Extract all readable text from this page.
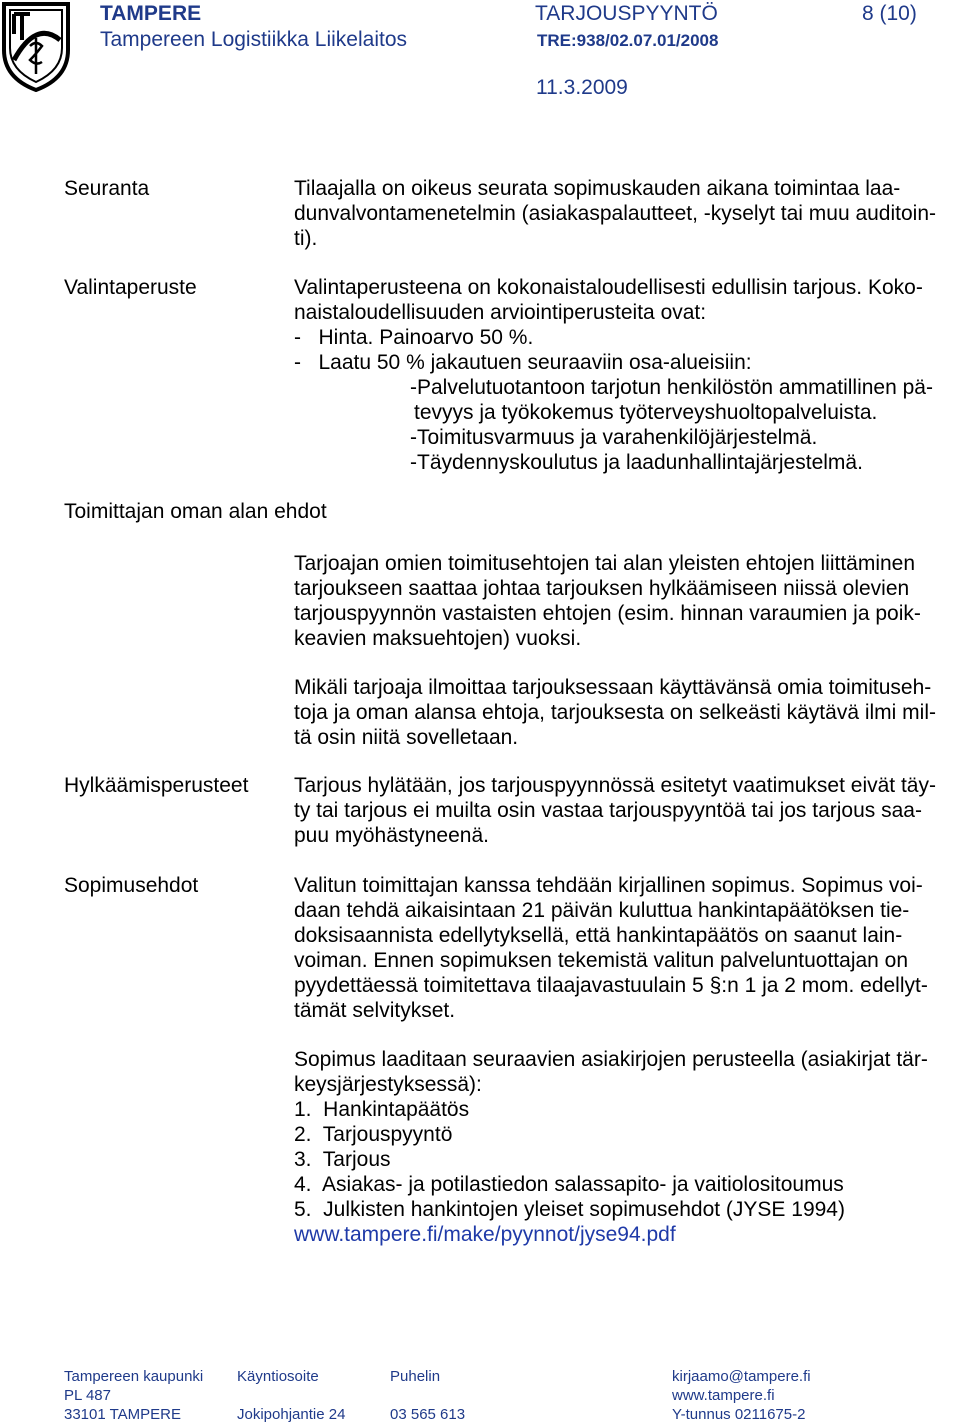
TAMPERE
Tampereen Logistiikka Liikelaitos
TARJOUSPYYNTÖ
TRE:938/02.07.01/2008
8 (10)
11.3.2009
Seuranta	Tilaajalla on oikeus seurata sopimuskauden aikana toimintaa laa-
dunvalvontamenetelmin (asiakaspalautteet, -kyselyt tai muu auditoin-
ti).
Valintaperuste	Valintaperusteena on kokonaistaloudellisesti edullisin tarjous. Koko-
naistaloudellisuuden arviointiperusteita ovat:
-   Hinta. Painoarvo 50 %.
-   Laatu 50 % jakautuen seuraaviin osa-alueisiin:
-Palvelutuotantoon tarjotun henkilöstön ammatillinen pä-
tevyys ja työkokemus työterveyshuoltopalveluista.
-Toimitusvarmuus ja varahenkilöjärjestelmä.
-Täydennyskoulutus ja laadunhallintajärjestelmä.
Toimittajan oman alan ehdot
Tarjoajan omien toimitusehtojen tai alan yleisten ehtojen liittäminen
tarjoukseen saattaa johtaa tarjouksen hylkäämiseen niissä olevien
tarjouspyynnön vastaisten ehtojen (esim. hinnan varaumien ja poik-
keavien maksuehtojen) vuoksi.
Mikäli tarjoaja ilmoittaa tarjouksessaan käyttävänsä omia toimituseh-
toja ja oman alansa ehtoja, tarjouksesta on selkeästi käytävä ilmi mil-
tä osin niitä sovelletaan.
Hylkäämisperusteet Tarjous hylätään, jos tarjouspyynnössä esitetyt vaatimukset eivät täy-
ty tai tarjous ei muilta osin vastaa tarjouspyyntöä tai jos tarjous saa-
puu myöhästyneenä.
Sopimusehdot	Valitun toimittajan kanssa tehdään kirjallinen sopimus. Sopimus voi-
daan tehdä aikaisintaan 21 päivän kuluttua hankintapäätöksen tie-
doksisaannista edellytyksellä, että hankintapäätös on saanut lain-
voiman. Ennen sopimuksen tekemistä valitun palveluntuottajan on
pyydettäessä toimitettava tilaajavastuulain 5 §:n 1 ja 2 mom. edellyt-
tämät selvitykset.
Sopimus laaditaan seuraavien asiakirjojen perusteella (asiakirjat tär-
keysjärjestyksessä):
1.  Hankintapäätös
2.  Tarjouspyyntö
3.  Tarjous
4.  Asiakas- ja potilastiedon salassapito- ja vaitiolositoumus
5.  Julkisten hankintojen yleiset sopimusehdot (JYSE 1994)
www.tampere.fi/make/pyynnot/jyse94.pdf
Tampereen kaupunki
PL 487
33101 TAMPERE
Käyntiosoite
Jokipohjantie 24
Puhelin
03 565 613
kirjaamo@tampere.fi
www.tampere.fi
Y-tunnus 0211675-2
